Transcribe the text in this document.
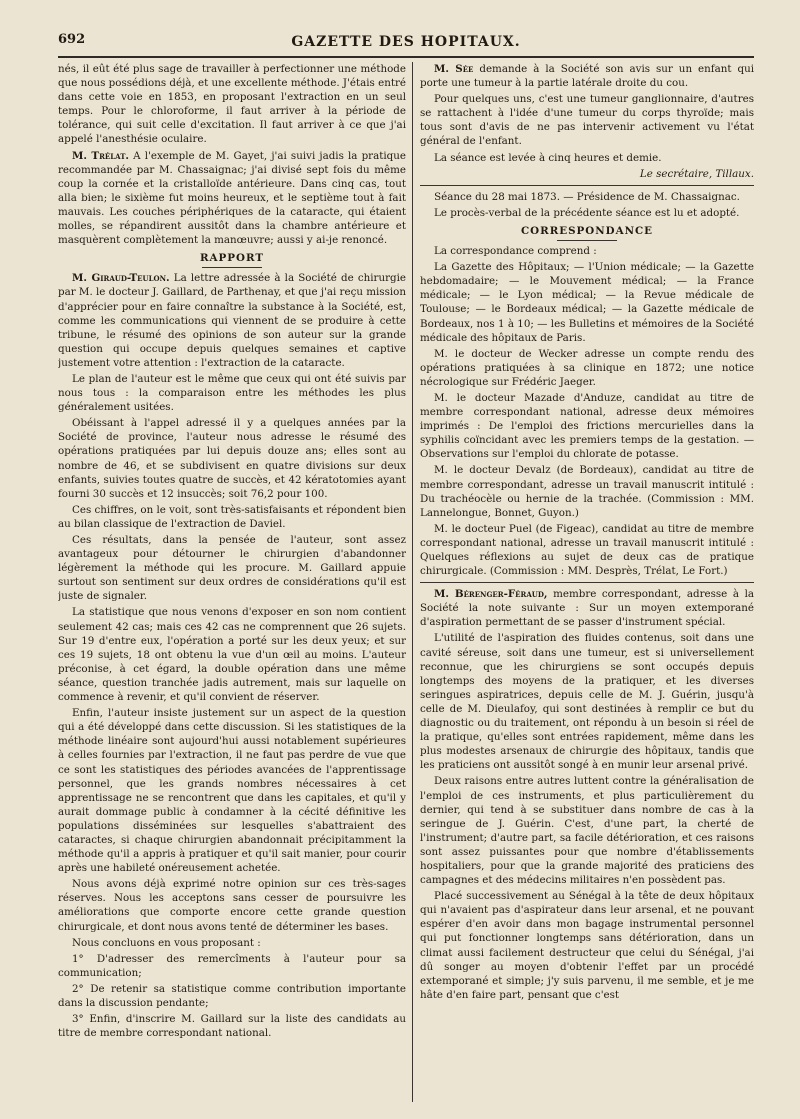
692	GAZETTE DES HOPITAUX.

nés, il eût été plus sage de travailler à perfectionner une méthode que nous possédions déjà, et une excellente méthode. J'étais entré dans cette voie en 1853, en proposant l'extraction en un seul temps. Pour le chloroforme, il faut arriver à la période de tolérance, qui suit celle d'excitation. Il faut arriver à ce que j'ai appelé l'anesthésie oculaire.

M. Trélat. A l'exemple de M. Gayet, j'ai suivi jadis la pratique recommandée par M. Chassaignac; j'ai divisé sept fois du même coup la cornée et la cristalloïde antérieure. Dans cinq cas, tout alla bien; le sixième fut moins heureux, et le septième tout à fait mauvais. Les couches périphériques de la cataracte, qui étaient molles, se répandirent aussitôt dans la chambre antérieure et masquèrent complètement la manœuvre; aussi y ai-je renoncé.

RAPPORT

M. Giraud-Teulon. La lettre adressée à la Société de chirurgie par M. le docteur J. Gaillard, de Parthenay, et que j'ai reçu mission d'apprécier pour en faire connaître la substance à la Société, est, comme les communications qui viennent de se produire à cette tribune, le résumé des opinions de son auteur sur la grande question qui occupe depuis quelques semaines et captive justement votre attention : l'extraction de la cataracte.

Le plan de l'auteur est le même que ceux qui ont été suivis par nous tous : la comparaison entre les méthodes les plus généralement usitées.

Obéissant à l'appel adressé il y a quelques années par la Société de province, l'auteur nous adresse le résumé des opérations pratiquées par lui depuis douze ans; elles sont au nombre de 46, et se subdivisent en quatre divisions sur deux enfants, suivies toutes quatre de succès, et 42 kératotomies ayant fourni 30 succès et 12 insuccès; soit 76,2 pour 100.

Ces chiffres, on le voit, sont très-satisfaisants et répondent bien au bilan classique de l'extraction de Daviel.

Ces résultats, dans la pensée de l'auteur, sont assez avantageux pour détourner le chirurgien d'abandonner légèrement la méthode qui les procure. M. Gaillard appuie surtout son sentiment sur deux ordres de considérations qu'il est juste de signaler.

La statistique que nous venons d'exposer en son nom contient seulement 42 cas; mais ces 42 cas ne comprennent que 26 sujets. Sur 19 d'entre eux, l'opération a porté sur les deux yeux; et sur ces 19 sujets, 18 ont obtenu la vue d'un œil au moins. L'auteur préconise, à cet égard, la double opération dans une même séance, question tranchée jadis autrement, mais sur laquelle on commence à revenir, et qu'il convient de réserver.

Enfin, l'auteur insiste justement sur un aspect de la question qui a été développé dans cette discussion. Si les statistiques de la méthode linéaire sont aujourd'hui aussi notablement supérieures à celles fournies par l'extraction, il ne faut pas perdre de vue que ce sont les statistiques des périodes avancées de l'apprentissage personnel, que les grands nombres nécessaires à cet apprentissage ne se rencontrent que dans les capitales, et qu'il y aurait dommage public à condamner à la cécité définitive les populations disséminées sur lesquelles s'abattraient des cataractes, si chaque chirurgien abandonnait précipitamment la méthode qu'il a appris à pratiquer et qu'il sait manier, pour courir après une habileté onéreusement achetée.

Nous avons déjà exprimé notre opinion sur ces très-sages réserves. Nous les acceptons sans cesser de poursuivre les améliorations que comporte encore cette grande question chirurgicale, et dont nous avons tenté de déterminer les bases.

Nous concluons en vous proposant :

1° D'adresser des remercîments à l'auteur pour sa communication;

2° De retenir sa statistique comme contribution importante dans la discussion pendante;

3° Enfin, d'inscrire M. Gaillard sur la liste des candidats au titre de membre correspondant national.

M. Sée demande à la Société son avis sur un enfant qui porte une tumeur à la partie latérale droite du cou.

Pour quelques uns, c'est une tumeur ganglionnaire, d'autres se rattachent à l'idée d'une tumeur du corps thyroïde; mais tous sont d'avis de ne pas intervenir activement vu l'état général de l'enfant.

La séance est levée à cinq heures et demie.

Le secrétaire, Tillaux.

Séance du 28 mai 1873. — Présidence de M. Chassaignac.

Le procès-verbal de la précédente séance est lu et adopté.

CORRESPONDANCE

La correspondance comprend :

La Gazette des Hôpitaux; — l'Union médicale; — la Gazette hebdomadaire; — le Mouvement médical; — la France médicale; — le Lyon médical; — la Revue médicale de Toulouse; — le Bordeaux médical; — la Gazette médicale de Bordeaux, nos 1 à 10; — les Bulletins et mémoires de la Société médicale des hôpitaux de Paris.

M. le docteur de Wecker adresse un compte rendu des opérations pratiquées à sa clinique en 1872; une notice nécrologique sur Frédéric Jaeger.

M. le docteur Mazade d'Anduze, candidat au titre de membre correspondant national, adresse deux mémoires imprimés : De l'emploi des frictions mercurielles dans la syphilis coïncidant avec les premiers temps de la gestation. — Observations sur l'emploi du chlorate de potasse.

M. le docteur Devalz (de Bordeaux), candidat au titre de membre correspondant, adresse un travail manuscrit intitulé : Du trachéocèle ou hernie de la trachée. (Commission : MM. Lannelongue, Bonnet, Guyon.)

M. le docteur Puel (de Figeac), candidat au titre de membre correspondant national, adresse un travail manuscrit intitulé : Quelques réflexions au sujet de deux cas de pratique chirurgicale. (Commission : MM. Desprès, Trélat, Le Fort.)

M. Bérenger-Féraud, membre correspondant, adresse à la Société la note suivante : Sur un moyen extemporané d'aspiration permettant de se passer d'instrument spécial.

L'utilité de l'aspiration des fluides contenus, soit dans une cavité séreuse, soit dans une tumeur, est si universellement reconnue, que les chirurgiens se sont occupés depuis longtemps des moyens de la pratiquer, et les diverses seringues aspiratrices, depuis celle de M. J. Guérin, jusqu'à celle de M. Dieulafoy, qui sont destinées à remplir ce but du diagnostic ou du traitement, ont répondu à un besoin si réel de la pratique, qu'elles sont entrées rapidement, même dans les plus modestes arsenaux de chirurgie des hôpitaux, tandis que les praticiens ont aussitôt songé à en munir leur arsenal privé.

Deux raisons entre autres luttent contre la généralisation de l'emploi de ces instruments, et plus particulièrement du dernier, qui tend à se substituer dans nombre de cas à la seringue de J. Guérin. C'est, d'une part, la cherté de l'instrument; d'autre part, sa facile détérioration, et ces raisons sont assez puissantes pour que nombre d'établissements hospitaliers, pour que la grande majorité des praticiens des campagnes et des médecins militaires n'en possèdent pas.

Placé successivement au Sénégal à la tête de deux hôpitaux qui n'avaient pas d'aspirateur dans leur arsenal, et ne pouvant espérer d'en avoir dans mon bagage instrumental personnel qui put fonctionner longtemps sans détérioration, dans un climat aussi facilement destructeur que celui du Sénégal, j'ai dû songer au moyen d'obtenir l'effet par un procédé extemporané et simple; j'y suis parvenu, il me semble, et je me hâte d'en faire part, pensant que c'est
